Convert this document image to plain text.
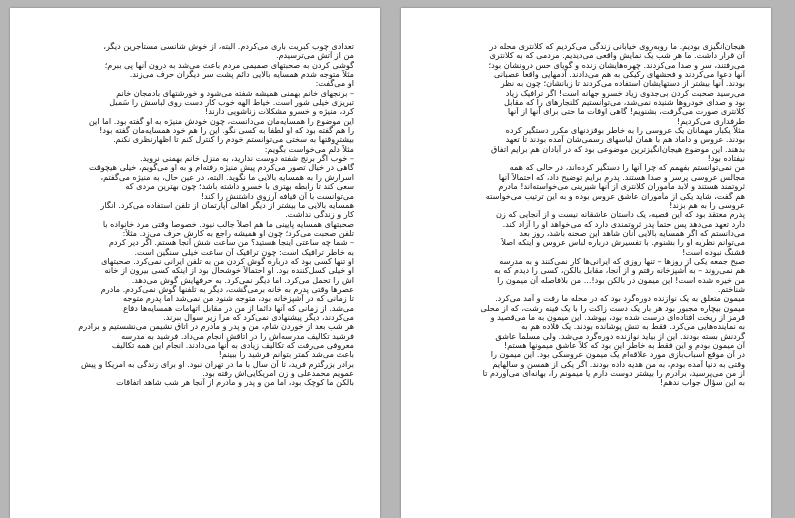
تعدادی چوب کبریت باری می‌کردم. البته، از خوش شانسی مستأجرین دیگر،
من از آتش می‌ترسیدم.
گوشی کردن به صحبتهای صمیمی مردم باعث می‌شد به درون آنها پی ببرم؛
مثلاً متوجه شدم همسایه بالایی دائم پشت سر دیگران حرف می‌زند.
او می‌گفت:
– برنجهای خانم بهمنی همیشه شفته می‌شود و خورشتهای بادمجان خانم
تبریزی خیلی شور است. خیاط الهه خوب کار دست روی لباسش را سَمبل
کرد، منیژه و خسرو مشکلات زناشویی دارند!
این موضوع را همسایه‌مان می‌دانست، چون خودش منیژه به او گفته بود. اما این
را هم گفته بود که او لطفا به کسی نگو. این را هم خود همسایه‌مان گفته بود!
بیشترِوقتها به سختی می‌توانستم خودم را کنترل کنم تا اظهارنظری نکنم.
مثلاً دلم می‌خواست بگویم:
– خوب اگر برنج شفته دوست ندارید، به منزل خانم بهمنی نروید.
گاهی در خیال تصور می‌کردم پیش منیژه رفته‌ام و به او می‌گویم، خیلی هیچوقت
اسرارش را به همسایه بالایی ما نگوید. البته، در عین حال، به منیژه می‌گفتم،
سعی کند تا رابطه بهتری با خسرو داشته باشد؛ چون بهترین مردی که
می‌توانست با آن قیافه آرزوی داشتنش را کند!
همسایه بالایی ما بیشتر از دیگر اهالی آپارتمان از تلفن استفاده می‌کرد. انگار
کار و زندگی نداشت.
صحبتهای همسایه پایینی ما هم اصلاً جالب نبود. خصوصاً وقتی مرد خانواده با
تلفن صحبت می‌کرد؛ چون او همیشه راجع به کارش حرف می‌زد. مثلاً:
– شما چه ساعتی اینجا هستید؟ من ساعت شش آنجا هستم. اگر دیر کردم
به خاطر ترافیک است: چون ترافیک آن ساعت خیلی سنگین است.
او تنها کسی بود که درباره گوش کردن من به تلفن ایرانی نمی‌کرد. صحبتهای
او خیلی کسل‌کننده بود. او احتمالاً خوشحال بود از اینکه کسی بیرون از خانه
اش را تحمل می‌کرد. اما دیگر نمی‌کرد. به حرفهایش گوش می‌دهد.
عصرها وقتی پدرم به خانه برمی‌گشت، دیگر به تلفنها گوش نمی‌کردم. مادرم
تا زمانی که در آشپزخانه بود، متوجه شنود من نمی‌شد اما پدرم متوجه
می‌شد. از زمانی که آنها دائما از من در مقابل اتهامات همسایه‌ها دفاع
می‌کردند، دیگر پیشنهادی نمی‌کرد که مرا زیر سوال ببرند.
هر شب بعد از خوردن شام، من و پدر و مادرم در اتاق نشیمن می‌نشستیم و برادرم
فرشید تکالیف مدرسه‌اش را در اتاقش انجام می‌داد. فرشید به مدرسه
معروفی می‌رفت که تکالیف زیادی به آنها می‌دادند. انجام این همه تکالیف
باعث می‌شد کمتر بتوانم فرشید را ببینم!
برادر بزرگترم فرید، تا آن سال با ما در تهران نبود. او برای زندگی به امریکا و پیش
عمویم محمدعلی و زن امریکایی‌اش رفته بود.
بالکن ما کوچک بود، اما من و پدر و مادرم از آنجا هر شب شاهد اتفاقات
هیجان‌انگیزی بودیم. ما روبه‌روی خیابانی زندگی می‌کردیم که کلانتری محله در
آن قرار داشت. ما هر شب یک نمایش واقعی می‌دیدیم. مردمی که به کلانتری
می‌رفتند، سر و صدا می‌کردند. چهره‌هایشان زنده و گویای حس درونشان بود؛
آنها دعوا می‌کردند و فحشهای رکیکی به هم می‌دادند. آدمهایی واقعاً عصبانی
بودند. آنها بیشتر از دستهایشان استفاده می‌کردند تا زبانشان؛ چون به نظر
می‌رسید صحبت کردن بی‌جدوی زیاد خسرو جهانه است! اگر ترافیک زیاد
بود و صدای خودروها شنیده نمی‌شد، می‌توانستیم کلنجارهای را که مقابل
کلانتری صورت می‌گرفت، بشنویم! گاهی اوقات ما حتی برای آنها از آنها
طرفداری می‌کردیم!
مثلاً یکبار مهمانان یک عروسی را به خاطر بوقزدنهای مکرر دستگیر کرده
بودند. عروس و داماد هم با همان لباسهای رسمی‌شان آمده بودند تا تعهد
بدهند. این موضوع هیجان‌انگیزترین موضوعی بود که در آبادان هم برایم اتفاق
نیفتاده بود!
من نمی‌توانستم بفهمم که چرا آنها را دستگیر کرده‌اند، در حالی که همه
مجالس عروسی پرسر و صدا هستند. پدرم برایم توضیح داد، که احتمالاً آنها
ثروتمند هستند و لابد مأموران کلانتری از آنها شیرینی می‌خواسته‌اند! مادرم
هم گفت، شاید یکی از مأموران عاشق عروس بوده و به این ترتیب می‌خواسته
عروسی را به هم بزند!
پدرم معتقد بود که این قصیه، یک داستان عاشقانه نیست و از آنجایی که زن
دارد تعهد می‌دهد پس حتماً پدر ثروتمندی دارد که می‌خواهد او را آزاد کند.
می‌دانستم که اگر همسایه بالایی آنان شاهد این صحنه باشد، روز بعد
می‌توانم نظریه او را بشنوم. با تفسیرش درباره لباس عروس و اینکه اصلاً
قشنگ نبوده است!
صبح جمعه یکی از روزها – تنها روزی که ایرانی‌ها کار نمی‌کنند و به مدرسه
هم نمی‌روند – به آشپزخانه رفتم و از آنجا، مقابل بالکن، کسی را دیدم که به
من خیره شده است! این میمون در بالکن بود!... من بلافاصله آن میمون را
شناختم.
میمون متعلق به یک نوازنده دوره‌گرد بود که در محله ما رفت و آمد می‌کرد.
میمون بیچاره مجبور بود هر بار یک دست زاکت را با یک فینه رشت، که از محلی
قرمز از ریخت افتاده‌ای درست شده بود، بپوشد. این میمون به ما می‌قصید و
به نماینده‌هایی می‌کرد. فقط به تنش پوشانده بودند. یک قلاده هم به
گردنش بسته بودند. این از بیاید نوازنده دوره‌گرد می‌شد. ولی مسلماً عاشق
آن میمون بودم و این فقط به خاطر این بود که کلاً عاشق میمونها هستم!
در آن موقع اسباب‌بازی مورد علاقه‌ام یک میمون عروسکی بود. این میمون را
وقتی به دنیا آمده بودم، به من هدیه داده بودند. اگر یکی از همسن و سالهایم
از من می‌پرسید، برادرم را بیشتر دوست دارم یا میمونم را، بهانه‌ای می‌آوردم تا
به این سؤال جواب ندهم!
